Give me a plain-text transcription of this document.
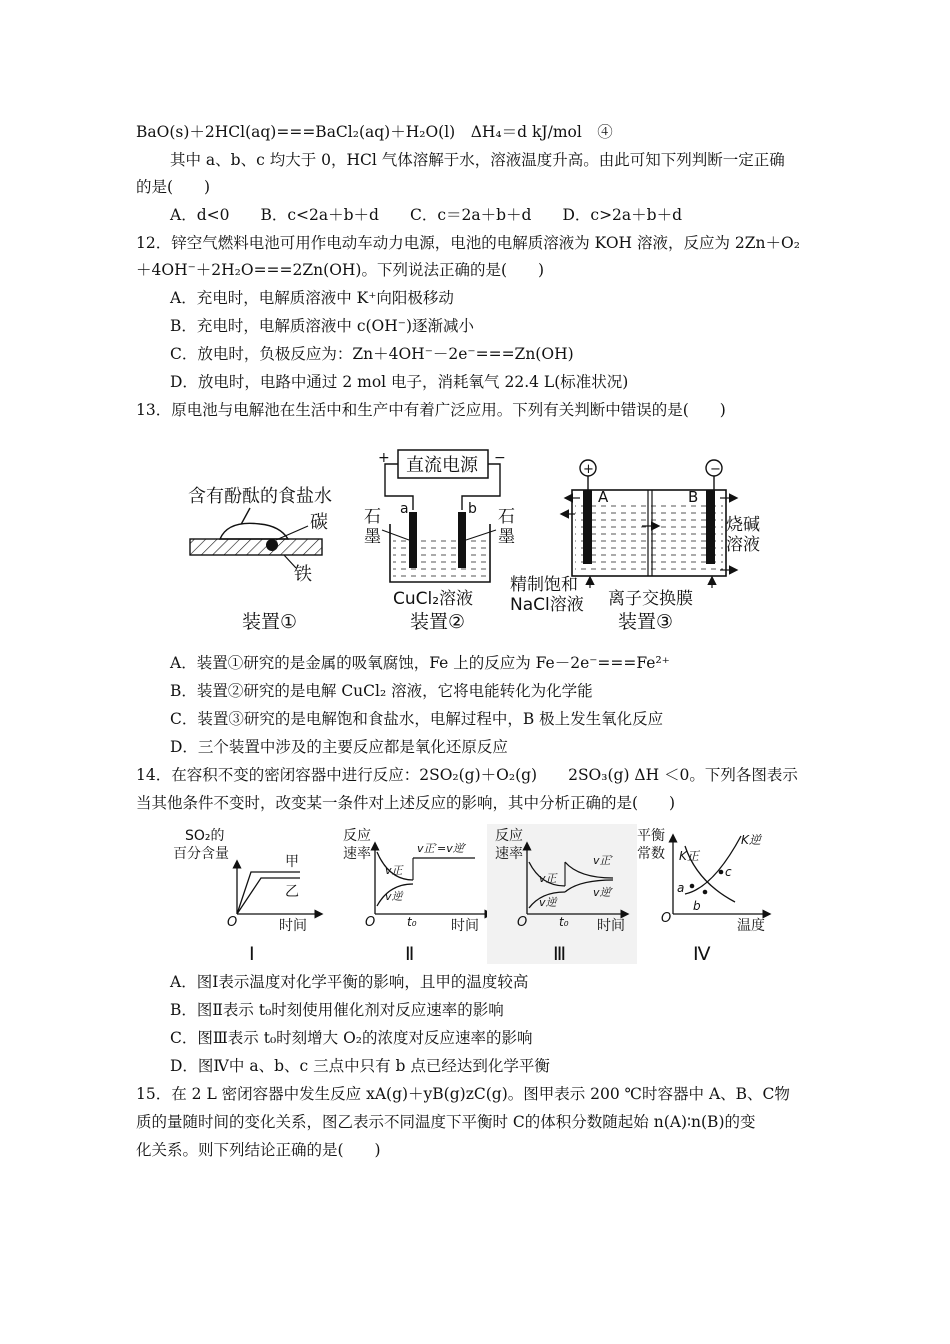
BaO(s)＋2HCl(aq)===BaCl₂(aq)＋H₂O(l)　ΔH₄＝d kJ/mol　④
其中 a、b、c 均大于 0，HCl 气体溶解于水，溶液温度升高。由此可知下列判断一定正确
的是(　　)
A．d<0　　B．c<2a＋b＋d　　C．c＝2a＋b＋d　　D．c>2a＋b＋d
12．锌空气燃料电池可用作电动车动力电源，电池的电解质溶液为 KOH 溶液，反应为 2Zn＋O₂
＋4OH⁻＋2H₂O===2Zn(OH)。下列说法正确的是(　　)
A．充电时，电解质溶液中 K⁺向阳极移动
B．充电时，电解质溶液中 c(OH⁻)逐渐减小
C．放电时，负极反应为：Zn＋4OH⁻－2e⁻===Zn(OH)
D．放电时，电路中通过 2 mol 电子，消耗氧气 22.4 L(标准状况)
13．原电池与电解池在生活中和生产中有着广泛应用。下列有关判断中错误的是(　　)
含有酚酞的食盐水
碳
铁
装置①
直流电源
+	−
a	b
石
墨
石
墨
CuCl₂溶液
装置②
+	−
A	B
烧碱
溶液
精制饱和
NaCl溶液 离子交换膜
装置③
A．装置①研究的是金属的吸氧腐蚀，Fe 上的反应为 Fe－2e⁻===Fe²⁺
B．装置②研究的是电解 CuCl₂ 溶液，它将电能转化为化学能
C．装置③研究的是电解饱和食盐水，电解过程中，B 极上发生氧化反应
D．三个装置中涉及的主要反应都是氧化还原反应
14．在容积不变的密闭容器中进行反应：2SO₂(g)＋O₂(g)　　2SO₃(g) ΔH ＜0。下列各图表示
当其他条件不变时，改变某一条件对上述反应的影响，其中分析正确的是(　　)
SO₂的
百分含量	甲
乙
O	时间
Ⅰ
反应
速率	v正′=v逆′
v正
v逆
t₀
O	时间
Ⅱ
反应
速率	v正′
v逆′
v正
v逆
t₀
O	时间
Ⅲ
平衡
常数 K正
K逆
a
b
c
O	温度
Ⅳ
A．图Ⅰ表示温度对化学平衡的影响，且甲的温度较高
B．图Ⅱ表示 t₀时刻使用催化剂对反应速率的影响
C．图Ⅲ表示 t₀时刻增大 O₂的浓度对反应速率的影响
D．图Ⅳ中 a、b、c 三点中只有 b 点已经达到化学平衡
15．在 2 L 密闭容器中发生反应 xA(g)＋yB(g)zC(g)。图甲表示 200 ℃时容器中 A、B、C物
质的量随时间的变化关系，图乙表示不同温度下平衡时 C的体积分数随起始 n(A)∶n(B)的变
化关系。则下列结论正确的是(　　)
